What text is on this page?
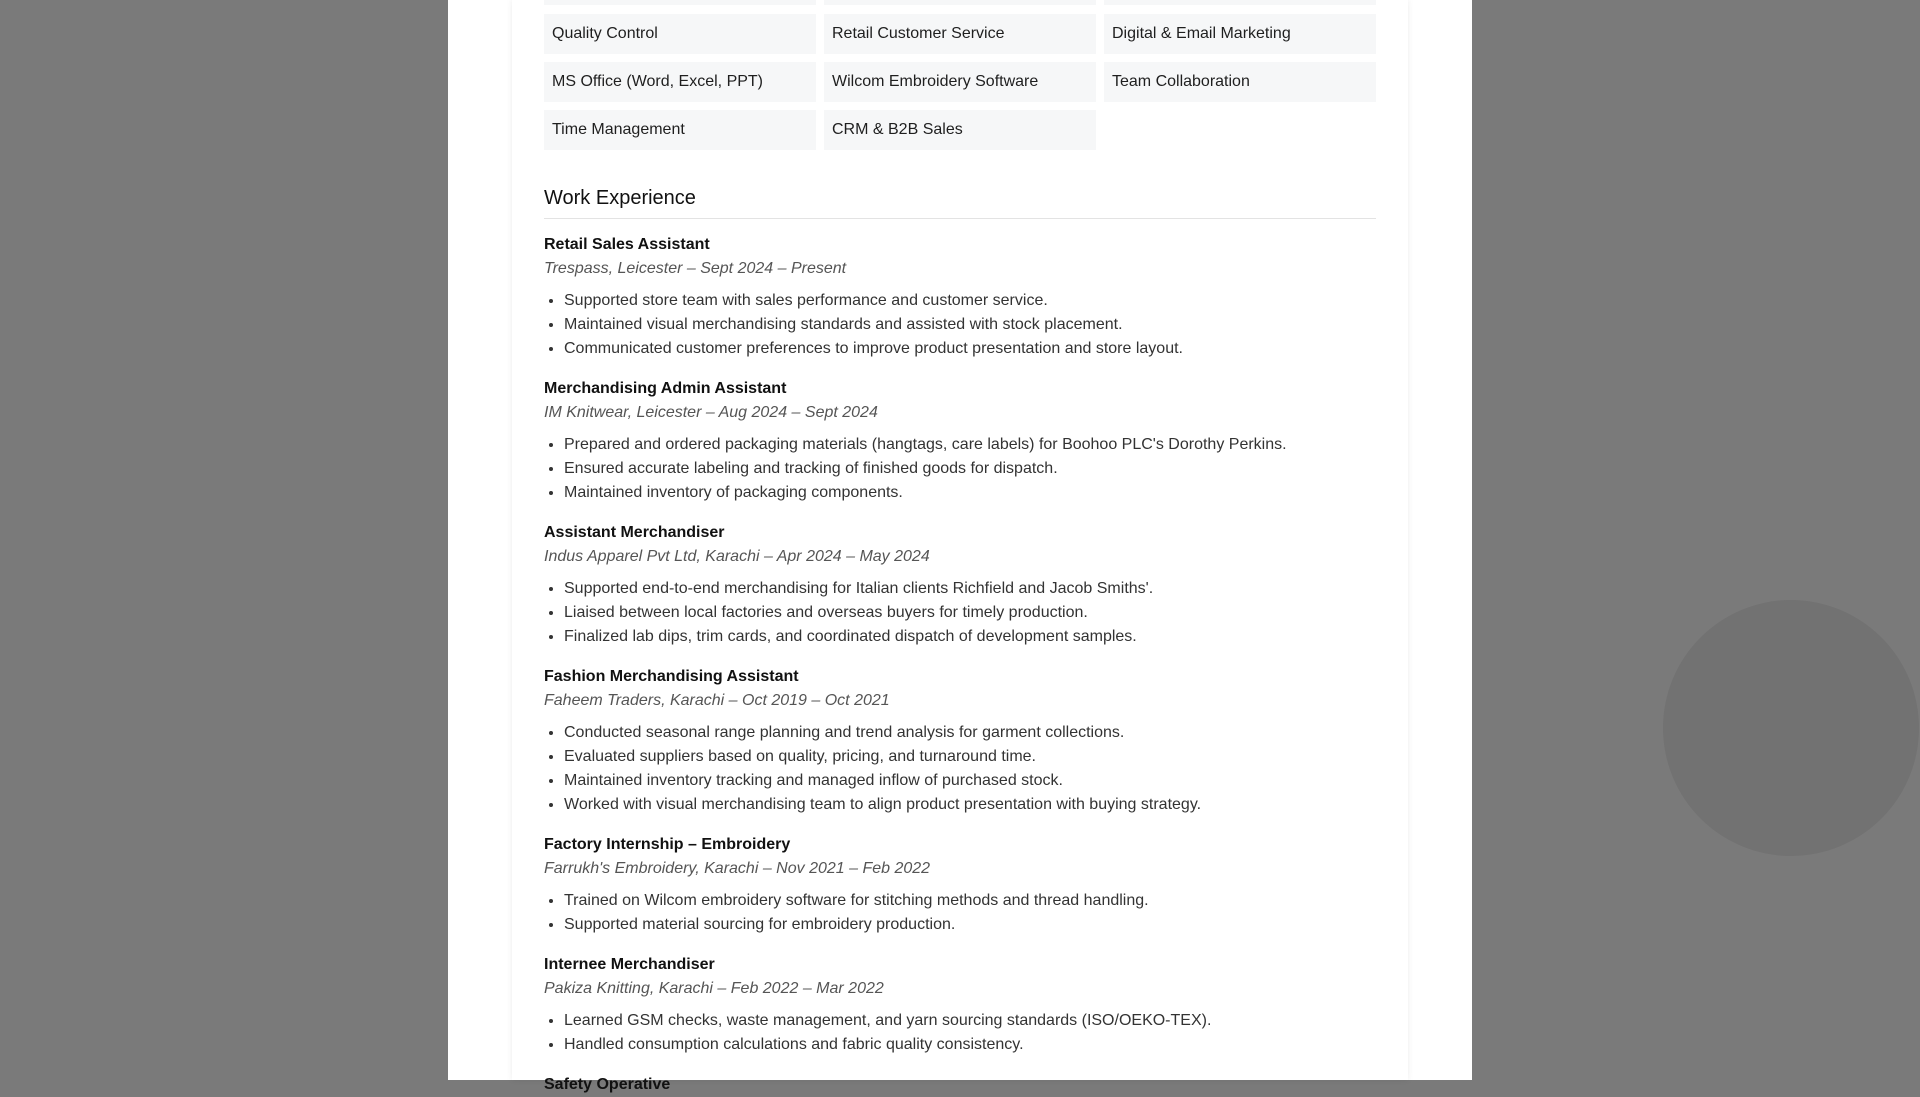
Quality Control	Retail Customer Service	Digital & Email Marketing
MS Office (Word, Excel, PPT)	Wilcom Embroidery Software	Team Collaboration
Time Management	CRM & B2B Sales
Work Experience
Retail Sales Assistant
Trespass, Leicester – Sept 2024 – Present
• Supported store team with sales performance and customer service.
• Maintained visual merchandising standards and assisted with stock placement.
• Communicated customer preferences to improve product presentation and store layout.
Merchandising Admin Assistant
IM Knitwear, Leicester – Aug 2024 – Sept 2024
• Prepared and ordered packaging materials (hangtags, care labels) for Boohoo PLC's Dorothy Perkins.
• Ensured accurate labeling and tracking of finished goods for dispatch.
• Maintained inventory of packaging components.
Assistant Merchandiser
Indus Apparel Pvt Ltd, Karachi – Apr 2024 – May 2024
• Supported end-to-end merchandising for Italian clients Richfield and Jacob Smiths'.
• Liaised between local factories and overseas buyers for timely production.
• Finalized lab dips, trim cards, and coordinated dispatch of development samples.
Fashion Merchandising Assistant
Faheem Traders, Karachi – Oct 2019 – Oct 2021
• Conducted seasonal range planning and trend analysis for garment collections.
• Evaluated suppliers based on quality, pricing, and turnaround time.
• Maintained inventory tracking and managed inflow of purchased stock.
• Worked with visual merchandising team to align product presentation with buying strategy.
Factory Internship – Embroidery
Farrukh's Embroidery, Karachi – Nov 2021 – Feb 2022
• Trained on Wilcom embroidery software for stitching methods and thread handling.
• Supported material sourcing for embroidery production.
Internee Merchandiser
Pakiza Knitting, Karachi – Feb 2022 – Mar 2022
• Learned GSM checks, waste management, and yarn sourcing standards (ISO/OEKO-TEX).
• Handled consumption calculations and fabric quality consistency.
Safety Operative
